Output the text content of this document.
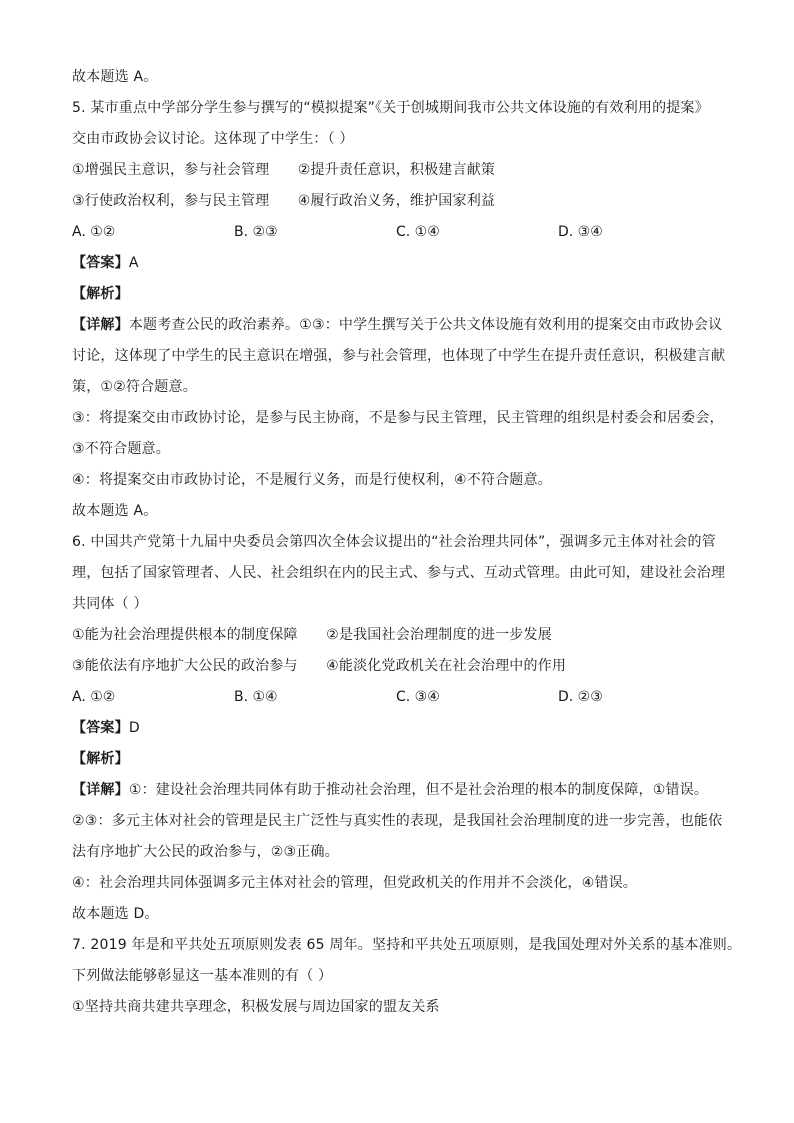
故本题选 A。
5. 某市重点中学部分学生参与撰写的“模拟提案”《关于创城期间我市公共文体设施的有效利用的提案》
交由市政协会议讨论。这体现了中学生：（ ）
①增强民主意识，参与社会管理　　②提升责任意识，积极建言献策
③行使政治权利，参与民主管理　　④履行政治义务，维护国家利益
A. ①②	B. ②③	C. ①④	D. ③④
【答案】A
【解析】
【详解】本题考查公民的政治素养。①③：中学生撰写关于公共文体设施有效利用的提案交由市政协会议
讨论，这体现了中学生的民主意识在增强，参与社会管理，也体现了中学生在提升责任意识，积极建言献
策，①②符合题意。
③：将提案交由市政协讨论，是参与民主协商，不是参与民主管理，民主管理的组织是村委会和居委会，
③不符合题意。
④：将提案交由市政协讨论，不是履行义务，而是行使权利，④不符合题意。
故本题选 A。
6. 中国共产党第十九届中央委员会第四次全体会议提出的“社会治理共同体”，强调多元主体对社会的管
理，包括了国家管理者、人民、社会组织在内的民主式、参与式、互动式管理。由此可知，建设社会治理
共同体（ ）
①能为社会治理提供根本的制度保障　　②是我国社会治理制度的进一步发展
③能依法有序地扩大公民的政治参与　　④能淡化党政机关在社会治理中的作用
A. ①②	B. ①④	C. ③④	D. ②③
【答案】D
【解析】
【详解】①：建设社会治理共同体有助于推动社会治理，但不是社会治理的根本的制度保障，①错误。
②③：多元主体对社会的管理是民主广泛性与真实性的表现，是我国社会治理制度的进一步完善，也能依
法有序地扩大公民的政治参与，②③正确。
④：社会治理共同体强调多元主体对社会的管理，但党政机关的作用并不会淡化，④错误。
故本题选 D。
7. 2019 年是和平共处五项原则发表 65 周年。坚持和平共处五项原则，是我国处理对外关系的基本准则。
下列做法能够彰显这一基本准则的有（ ）
①坚持共商共建共享理念，积极发展与周边国家的盟友关系
